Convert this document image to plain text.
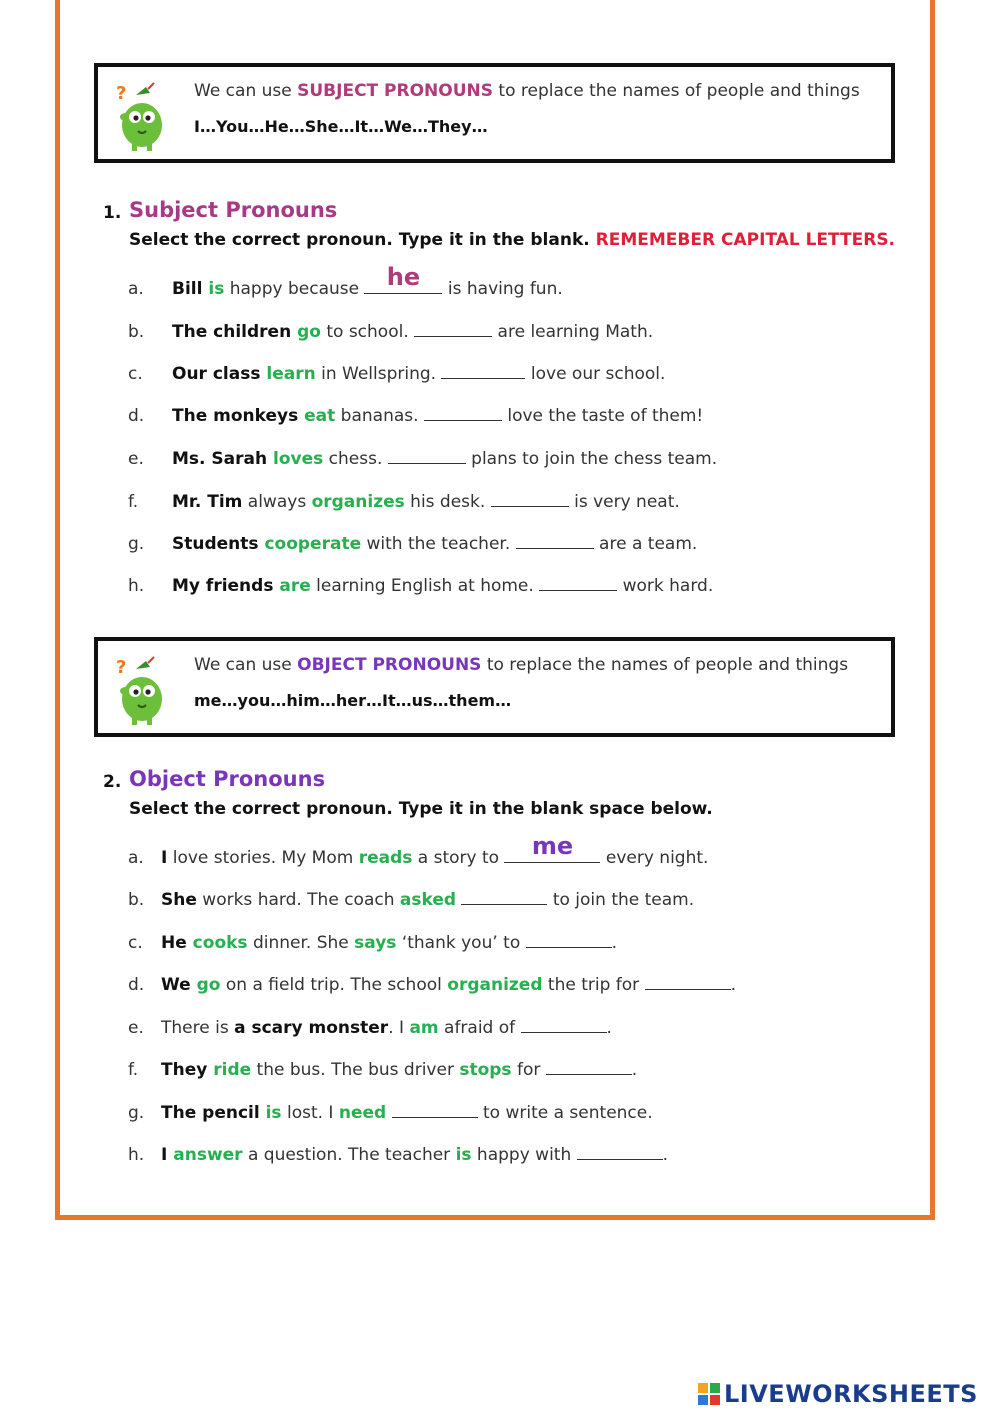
We can use SUBJECT PRONOUNS to replace the names of people and things
I…You…He…She…It…We…They…
1. Subject Pronouns
Select the correct pronoun. Type it in the blank. REMEMEBER CAPITAL LETTERS.
a. Bill is happy because he	is having fun.
b. The children go to school.	are learning Math.
c. Our class learn in Wellspring.	love our school.
d. The monkeys eat bananas.	love the taste of them!
e. Ms. Sarah loves chess.	plans to join the chess team.
f. Mr. Tim always organizes his desk.	is very neat.
g. Students cooperate with the teacher.	are a team.
h. My friends are learning English at home.	work hard.
We can use OBJECT PRONOUNS to replace the names of people and things
me…you…him…her…It…us…them…
2. Object Pronouns
Select the correct pronoun. Type it in the blank space below.
a. I love stories. My Mom reads a story to	me	every night.
b. She works hard. The coach asked	to join the team.
c. He cooks dinner. She says ‘thank you’ to	.
d. We go on a field trip. The school organized the trip for	.
e. There is a scary monster. I am afraid of	.
f. They ride the bus. The bus driver stops for	.
g. The pencil is lost. I need	to write a sentence.
h. I answer a question. The teacher is happy with	.
LIVEWORKSHEETS
